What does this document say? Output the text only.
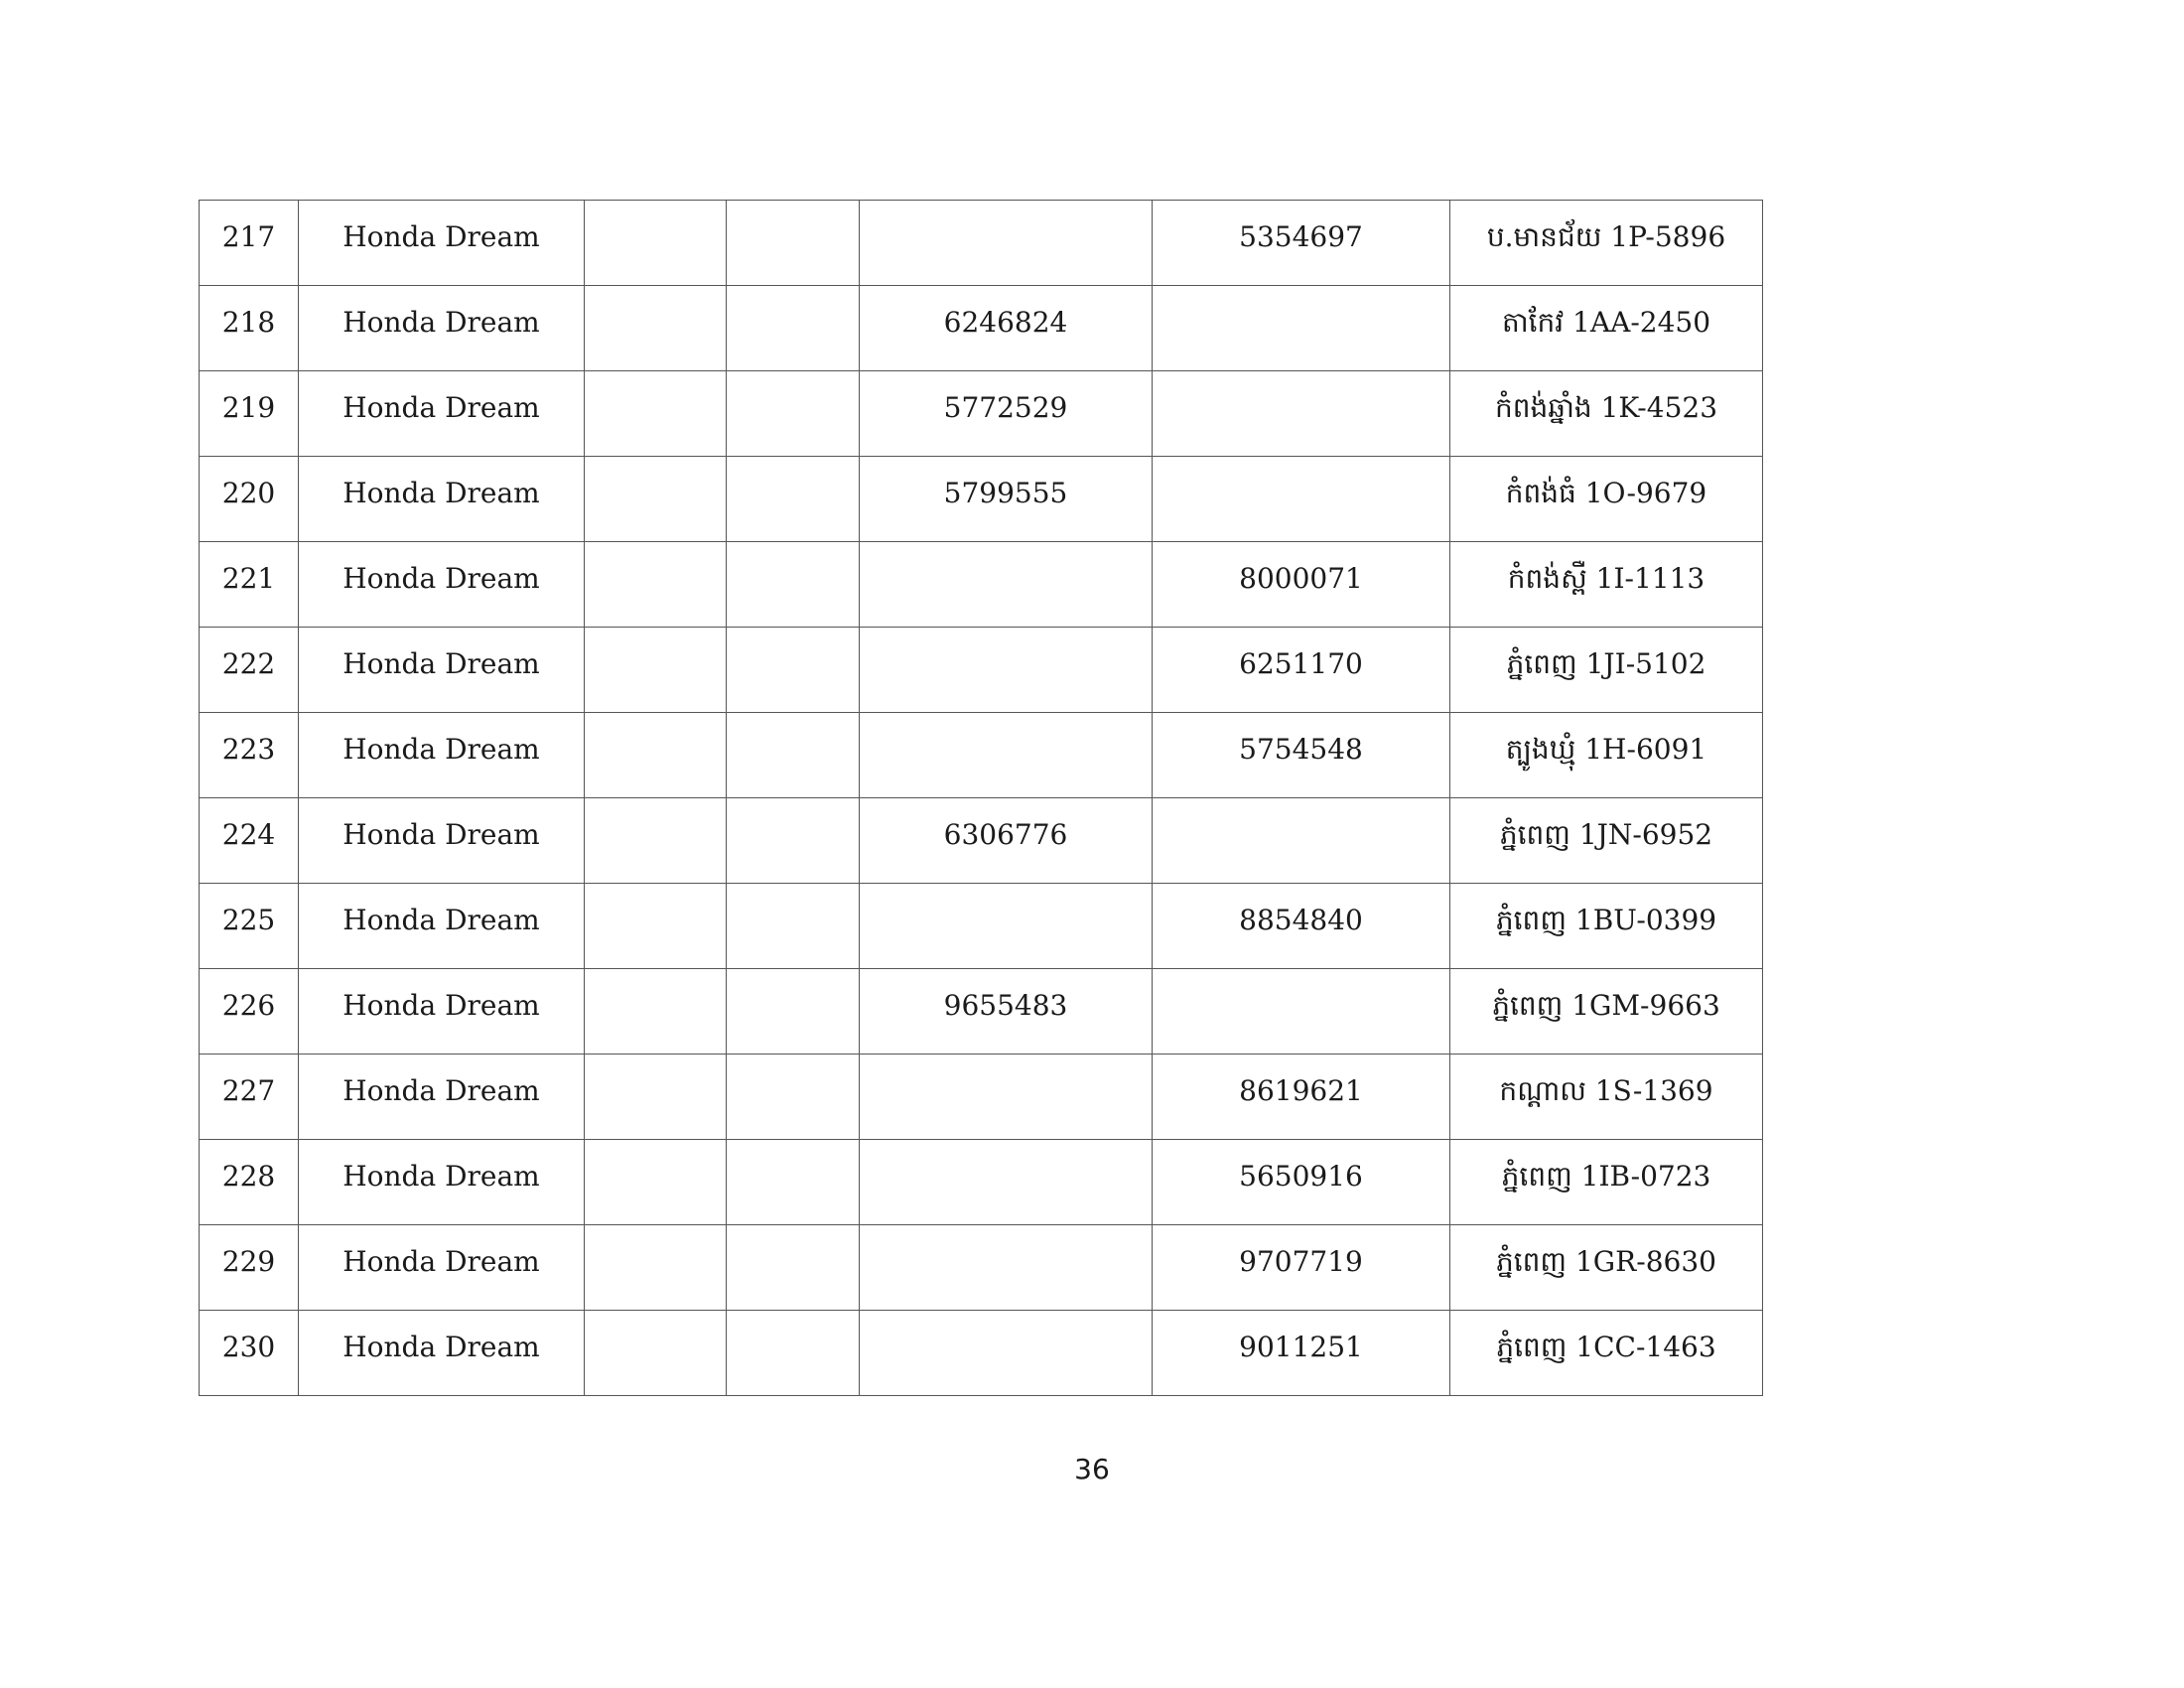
217	Honda Dream				5354697	ប.មានជ័យ 1P-5896
218	Honda Dream			6246824		តាកែវ 1AA-2450
219	Honda Dream			5772529		កំពង់ឆ្នាំង 1K-4523
220	Honda Dream			5799555		កំពង់ធំ 1O-9679
221	Honda Dream				8000071	កំពង់ស្ពឺ 1I-1113
222	Honda Dream				6251170	ភ្នំពេញ 1JI-5102
223	Honda Dream				5754548	ត្បូងឃ្មុំ 1H-6091
224	Honda Dream			6306776		ភ្នំពេញ 1JN-6952
225	Honda Dream				8854840	ភ្នំពេញ 1BU-0399
226	Honda Dream			9655483		ភ្នំពេញ 1GM-9663
227	Honda Dream				8619621	កណ្តាល 1S-1369
228	Honda Dream				5650916	ភ្នំពេញ 1IB-0723
229	Honda Dream				9707719	ភ្នំពេញ 1GR-8630
230	Honda Dream				9011251	ភ្នំពេញ 1CC-1463
36
